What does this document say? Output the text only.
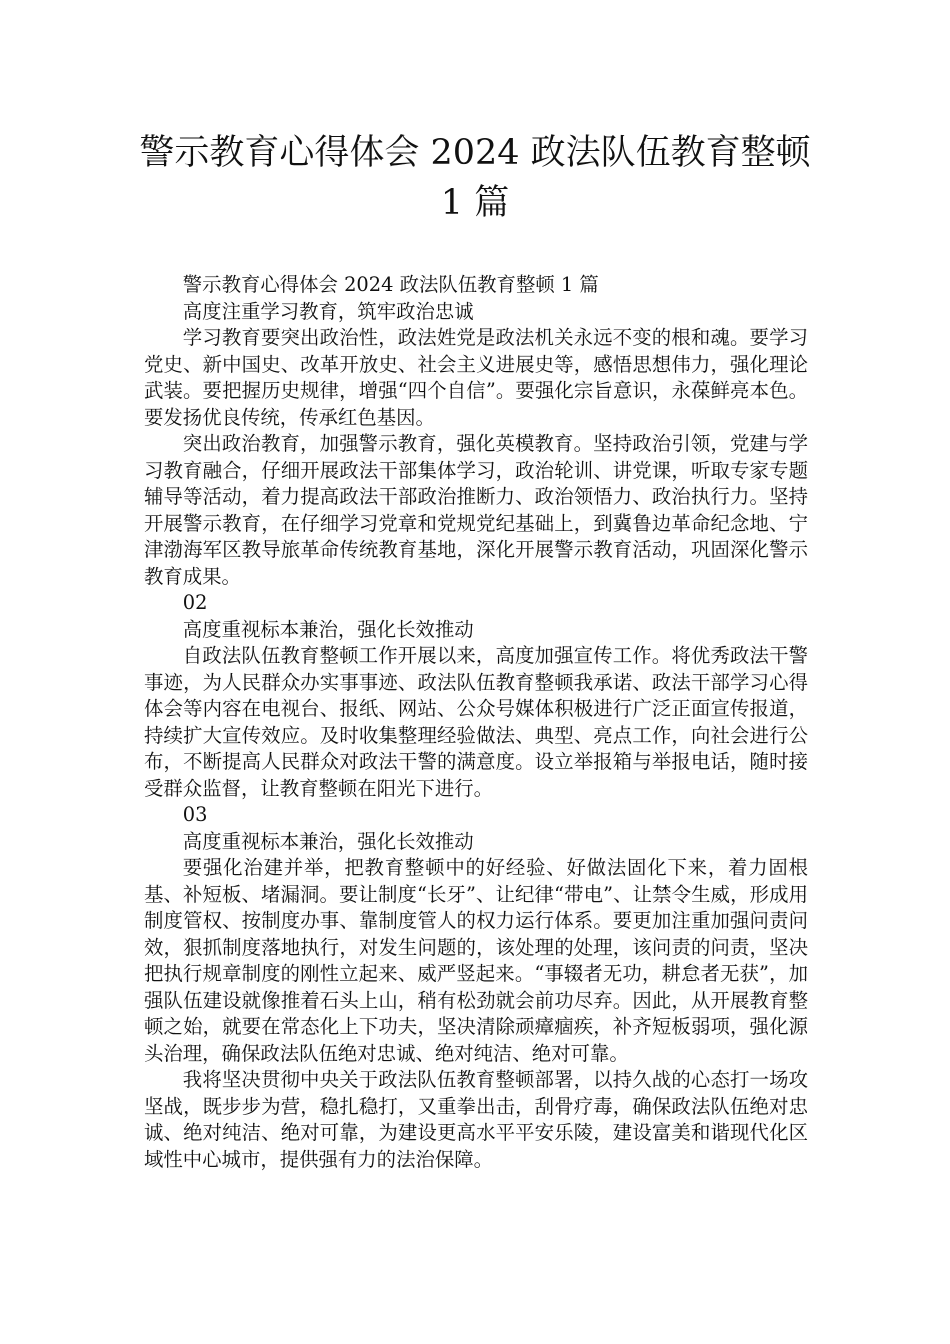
警示教育心得体会 2024 政法队伍教育整顿
1 篇

警示教育心得体会 2024 政法队伍教育整顿 1 篇

高度注重学习教育，筑牢政治忠诚

学习教育要突出政治性，政法姓党是政法机关永远不变的根和魂。要学习党史、新中国史、改革开放史、社会主义进展史等，感悟思想伟力，强化理论武装。要把握历史规律，增强“四个自信”。要强化宗旨意识，永葆鲜亮本色。要发扬优良传统，传承红色基因。

突出政治教育，加强警示教育，强化英模教育。坚持政治引领，党建与学习教育融合，仔细开展政法干部集体学习，政治轮训、讲党课，听取专家专题辅导等活动，着力提高政法干部政治推断力、政治领悟力、政治执行力。坚持开展警示教育，在仔细学习党章和党规党纪基础上，到冀鲁边革命纪念地、宁津渤海军区教导旅革命传统教育基地，深化开展警示教育活动，巩固深化警示教育成果。

02

高度重视标本兼治，强化长效推动

自政法队伍教育整顿工作开展以来，高度加强宣传工作。将优秀政法干警事迹，为人民群众办实事事迹、政法队伍教育整顿我承诺、政法干部学习心得体会等内容在电视台、报纸、网站、公众号媒体积极进行广泛正面宣传报道，持续扩大宣传效应。及时收集整理经验做法、典型、亮点工作，向社会进行公布，不断提高人民群众对政法干警的满意度。设立举报箱与举报电话，随时接受群众监督，让教育整顿在阳光下进行。

03

高度重视标本兼治，强化长效推动

要强化治建并举，把教育整顿中的好经验、好做法固化下来，着力固根基、补短板、堵漏洞。要让制度“长牙”、让纪律“带电”、让禁令生威，形成用制度管权、按制度办事、靠制度管人的权力运行体系。要更加注重加强问责问效，狠抓制度落地执行，对发生问题的，该处理的处理，该问责的问责，坚决把执行规章制度的刚性立起来、威严竖起来。“事辍者无功，耕怠者无获”，加强队伍建设就像推着石头上山，稍有松劲就会前功尽弃。因此，从开展教育整顿之始，就要在常态化上下功夫，坚决清除顽瘴痼疾，补齐短板弱项，强化源头治理，确保政法队伍绝对忠诚、绝对纯洁、绝对可靠。

我将坚决贯彻中央关于政法队伍教育整顿部署，以持久战的心态打一场攻坚战，既步步为营，稳扎稳打，又重拳出击，刮骨疗毒，确保政法队伍绝对忠诚、绝对纯洁、绝对可靠，为建设更高水平平安乐陵，建设富美和谐现代化区域性中心城市，提供强有力的法治保障。
